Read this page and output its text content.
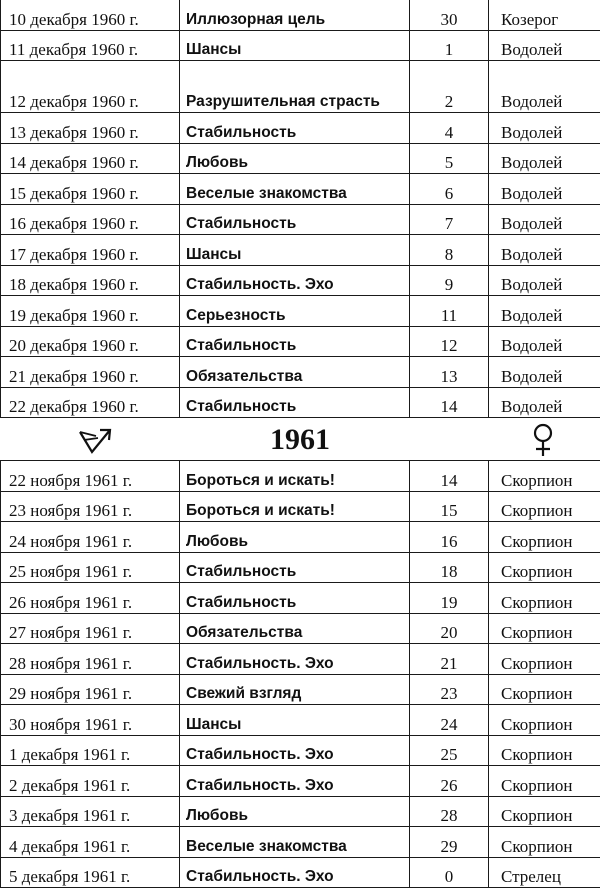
10 декабря 1960 г.	Иллюзорная цель	30	Козерог
11 декабря 1960 г.	Шансы	1	Водолей
12 декабря 1960 г.	Разрушительная страсть	2	Водолей
13 декабря 1960 г.	Стабильность	4	Водолей
14 декабря 1960 г.	Любовь	5	Водолей
15 декабря 1960 г.	Веселые знакомства	6	Водолей
16 декабря 1960 г.	Стабильность	7	Водолей
17 декабря 1960 г.	Шансы	8	Водолей
18 декабря 1960 г.	Стабильность. Эхо	9	Водолей
19 декабря 1960 г.	Серьезность	11	Водолей
20 декабря 1960 г.	Стабильность	12	Водолей
21 декабря 1960 г.	Обязательства	13	Водолей
22 декабря 1960 г.	Стабильность	14	Водолей
1961
22 ноября 1961 г.	Бороться и искать!	14	Скорпион
23 ноября 1961 г.	Бороться и искать!	15	Скорпион
24 ноября 1961 г.	Любовь	16	Скорпион
25 ноября 1961 г.	Стабильность	18	Скорпион
26 ноября 1961 г.	Стабильность	19	Скорпион
27 ноября 1961 г.	Обязательства	20	Скорпион
28 ноября 1961 г.	Стабильность. Эхо	21	Скорпион
29 ноября 1961 г.	Свежий взгляд	23	Скорпион
30 ноября 1961 г.	Шансы	24	Скорпион
1 декабря 1961 г.	Стабильность. Эхо	25	Скорпион
2 декабря 1961 г.	Стабильность. Эхо	26	Скорпион
3 декабря 1961 г.	Любовь	28	Скорпион
4 декабря 1961 г.	Веселые знакомства	29	Скорпион
5 декабря 1961 г.	Стабильность. Эхо	0	Стрелец
